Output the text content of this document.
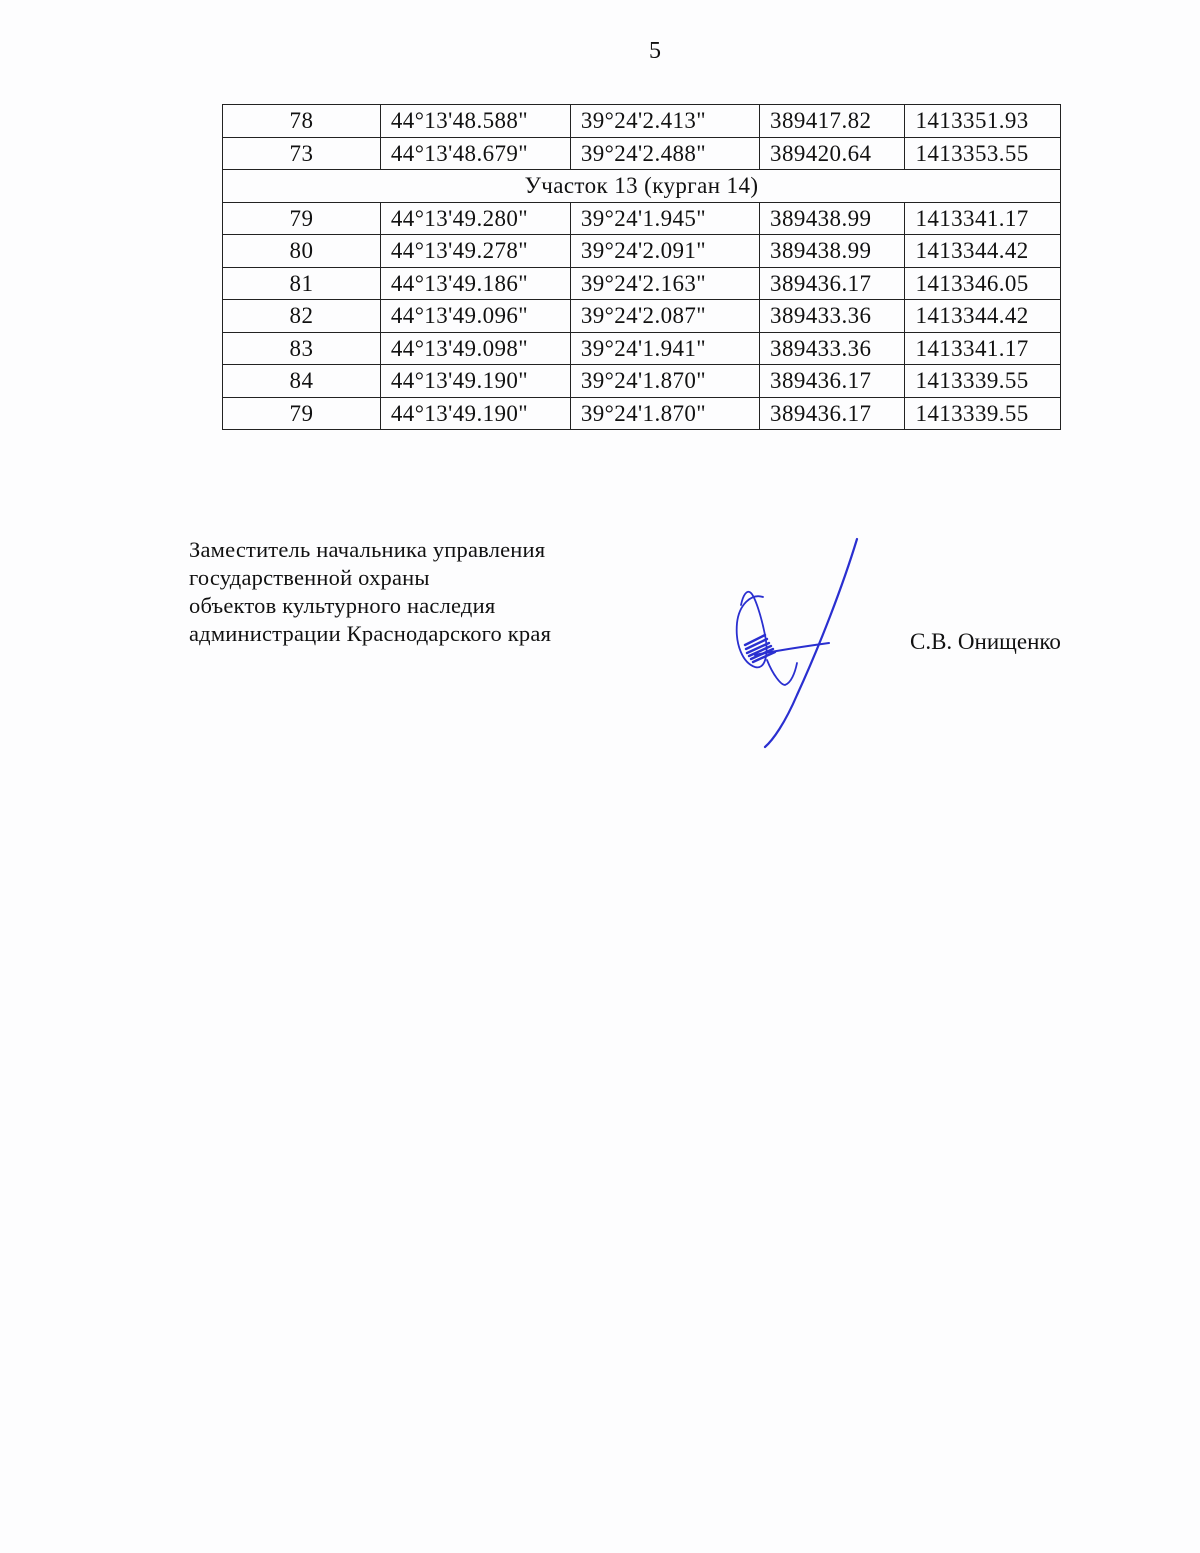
5
78	44°13'48.588"	39°24'2.413"	389417.82	1413351.93
73	44°13'48.679"	39°24'2.488"	389420.64	1413353.55
Участок 13 (курган 14)				
79	44°13'49.280"	39°24'1.945"	389438.99	1413341.17
80	44°13'49.278"	39°24'2.091"	389438.99	1413344.42
81	44°13'49.186"	39°24'2.163"	389436.17	1413346.05
82	44°13'49.096"	39°24'2.087"	389433.36	1413344.42
83	44°13'49.098"	39°24'1.941"	389433.36	1413341.17
84	44°13'49.190"	39°24'1.870"	389436.17	1413339.55
79	44°13'49.190"	39°24'1.870"	389436.17	1413339.55
Заместитель начальника управления
государственной охраны
объектов культурного наследия
администрации Краснодарского края	С.В. Онищенко
